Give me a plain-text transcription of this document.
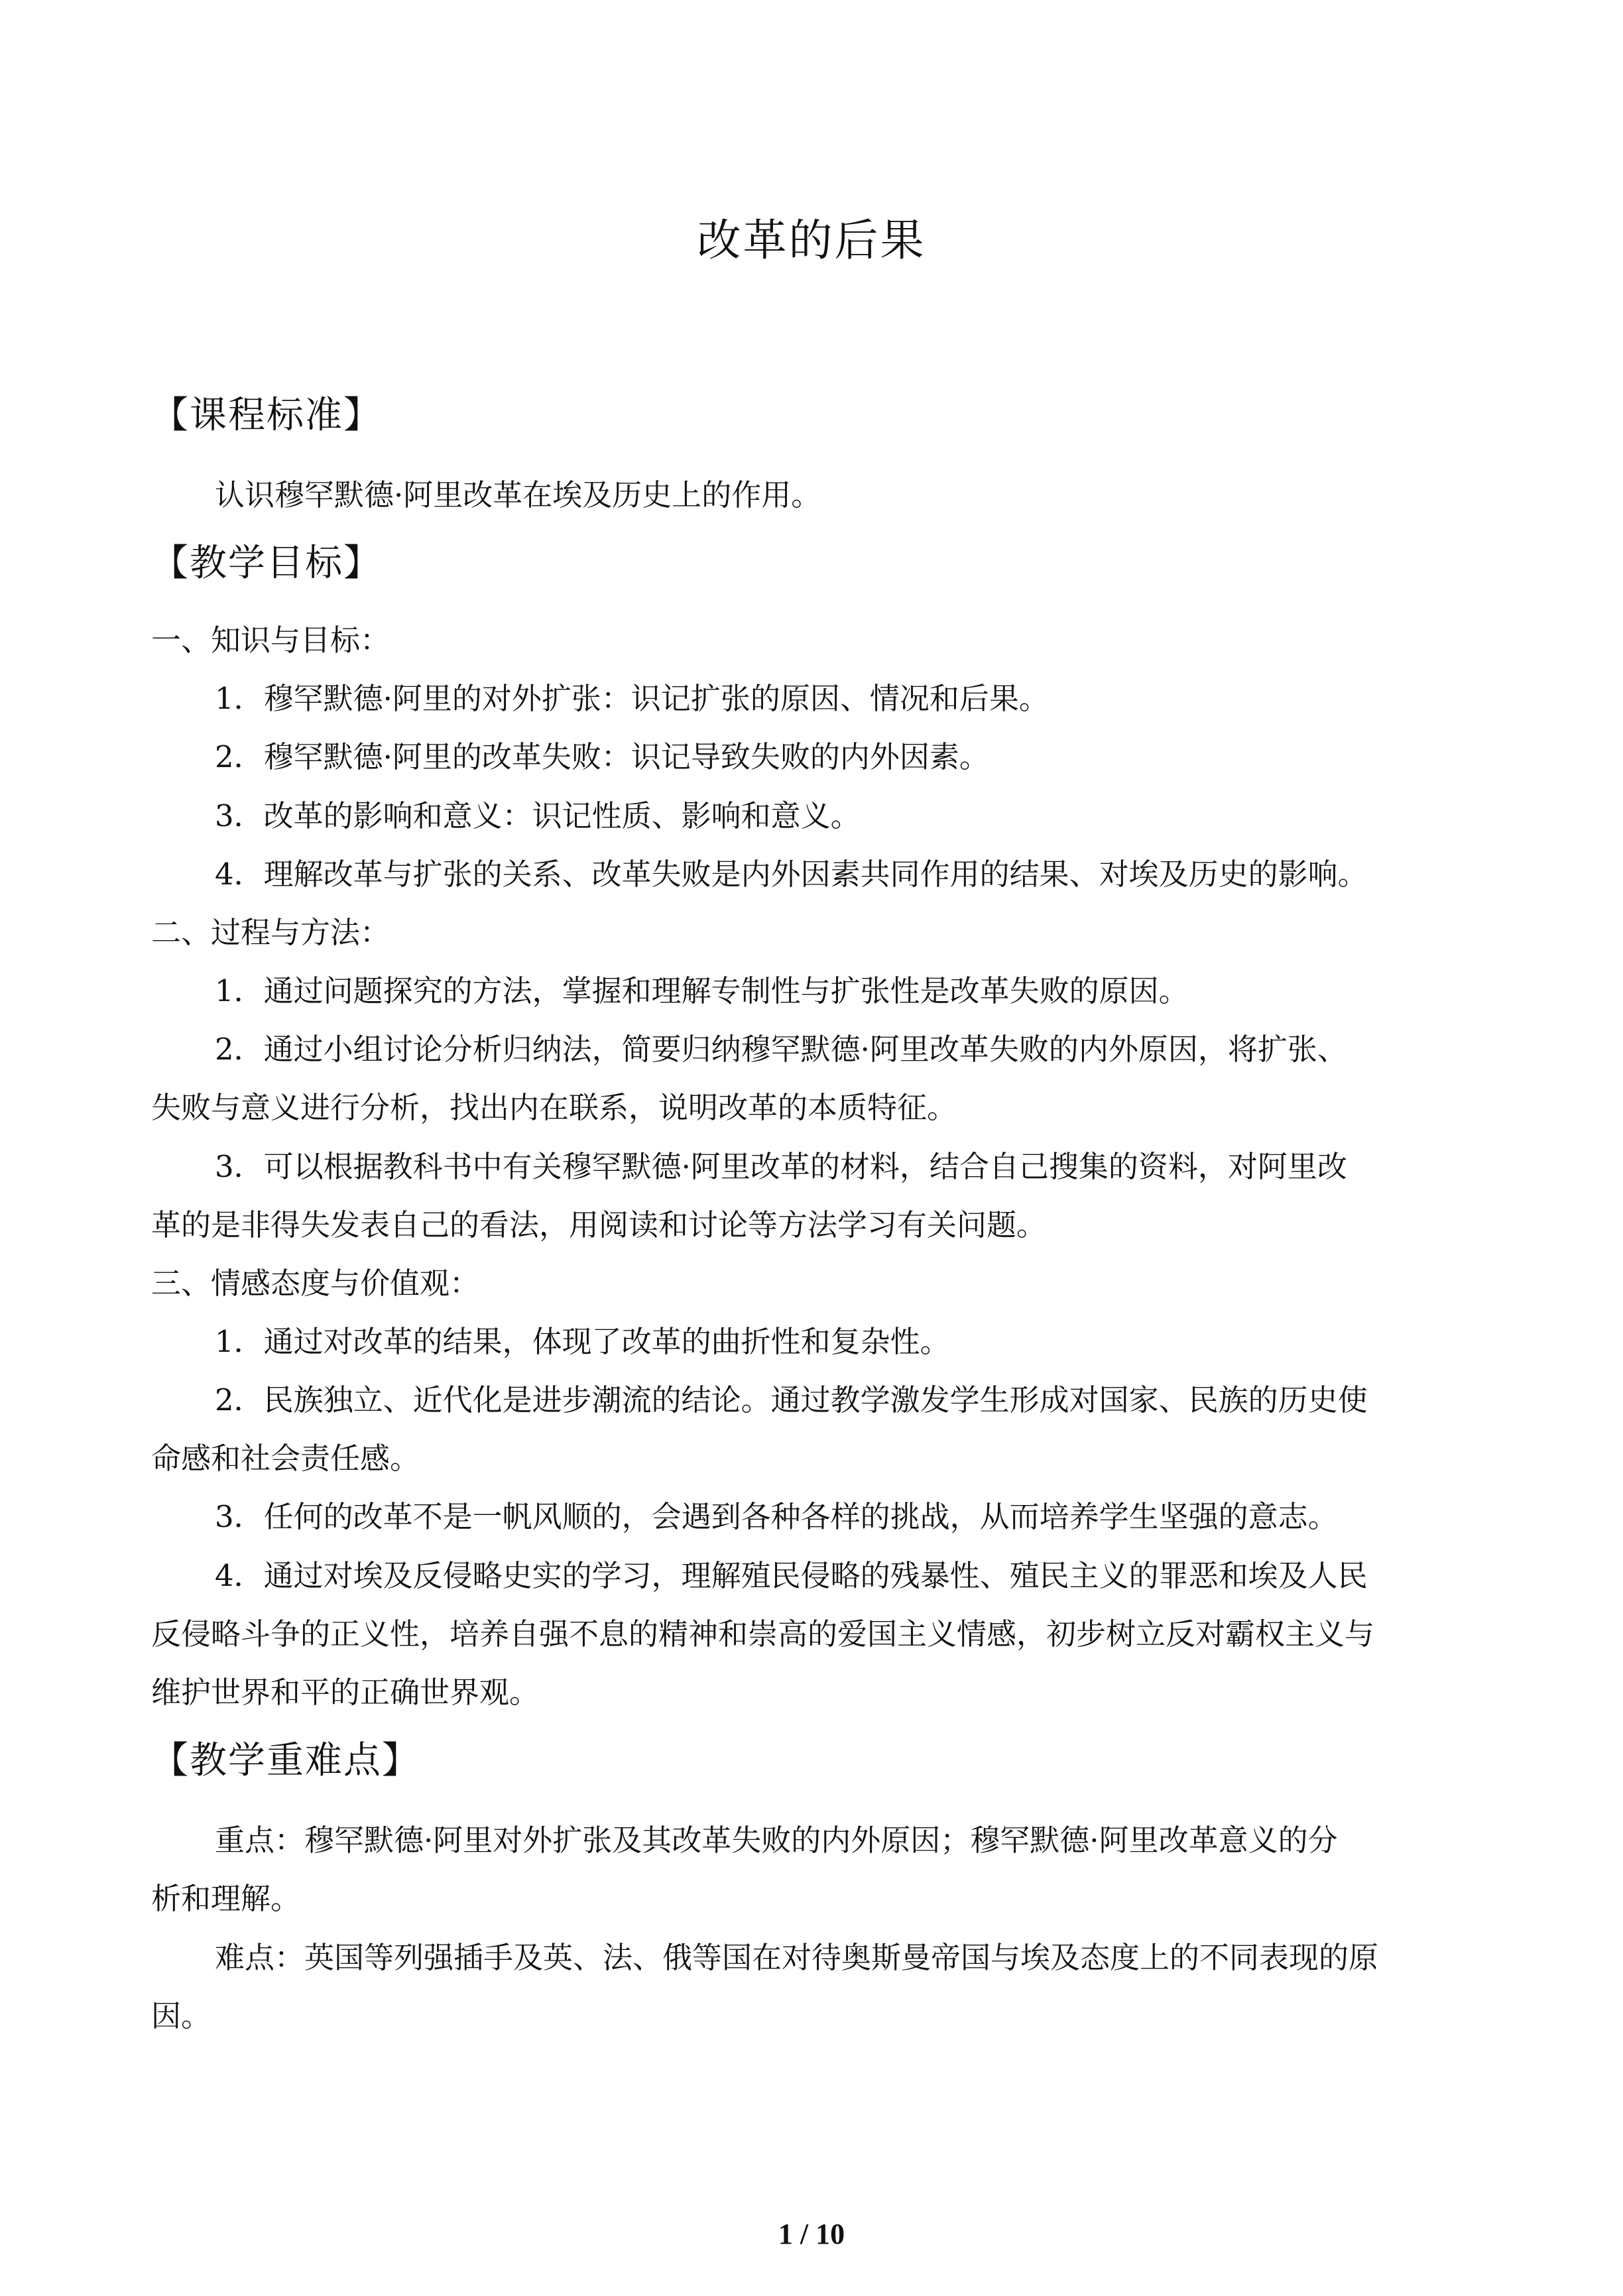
改革的后果
【课程标准】
认识穆罕默德·阿里改革在埃及历史上的作用。
【教学目标】
一、知识与目标：
1．穆罕默德·阿里的对外扩张：识记扩张的原因、情况和后果。
2．穆罕默德·阿里的改革失败：识记导致失败的内外因素。
3．改革的影响和意义：识记性质、影响和意义。
4．理解改革与扩张的关系、改革失败是内外因素共同作用的结果、对埃及历史的影响。
二、过程与方法：
1．通过问题探究的方法，掌握和理解专制性与扩张性是改革失败的原因。
2．通过小组讨论分析归纳法，简要归纳穆罕默德·阿里改革失败的内外原因，将扩张、
失败与意义进行分析，找出内在联系，说明改革的本质特征。
3．可以根据教科书中有关穆罕默德·阿里改革的材料，结合自己搜集的资料，对阿里改
革的是非得失发表自己的看法，用阅读和讨论等方法学习有关问题。
三、情感态度与价值观：
1．通过对改革的结果，体现了改革的曲折性和复杂性。
2．民族独立、近代化是进步潮流的结论。通过教学激发学生形成对国家、民族的历史使
命感和社会责任感。
3．任何的改革不是一帆风顺的，会遇到各种各样的挑战，从而培养学生坚强的意志。
4．通过对埃及反侵略史实的学习，理解殖民侵略的残暴性、殖民主义的罪恶和埃及人民
反侵略斗争的正义性，培养自强不息的精神和崇高的爱国主义情感，初步树立反对霸权主义与
维护世界和平的正确世界观。
【教学重难点】
重点：穆罕默德·阿里对外扩张及其改革失败的内外原因；穆罕默德·阿里改革意义的分
析和理解。
难点：英国等列强插手及英、法、俄等国在对待奥斯曼帝国与埃及态度上的不同表现的原
因。
1 / 10
